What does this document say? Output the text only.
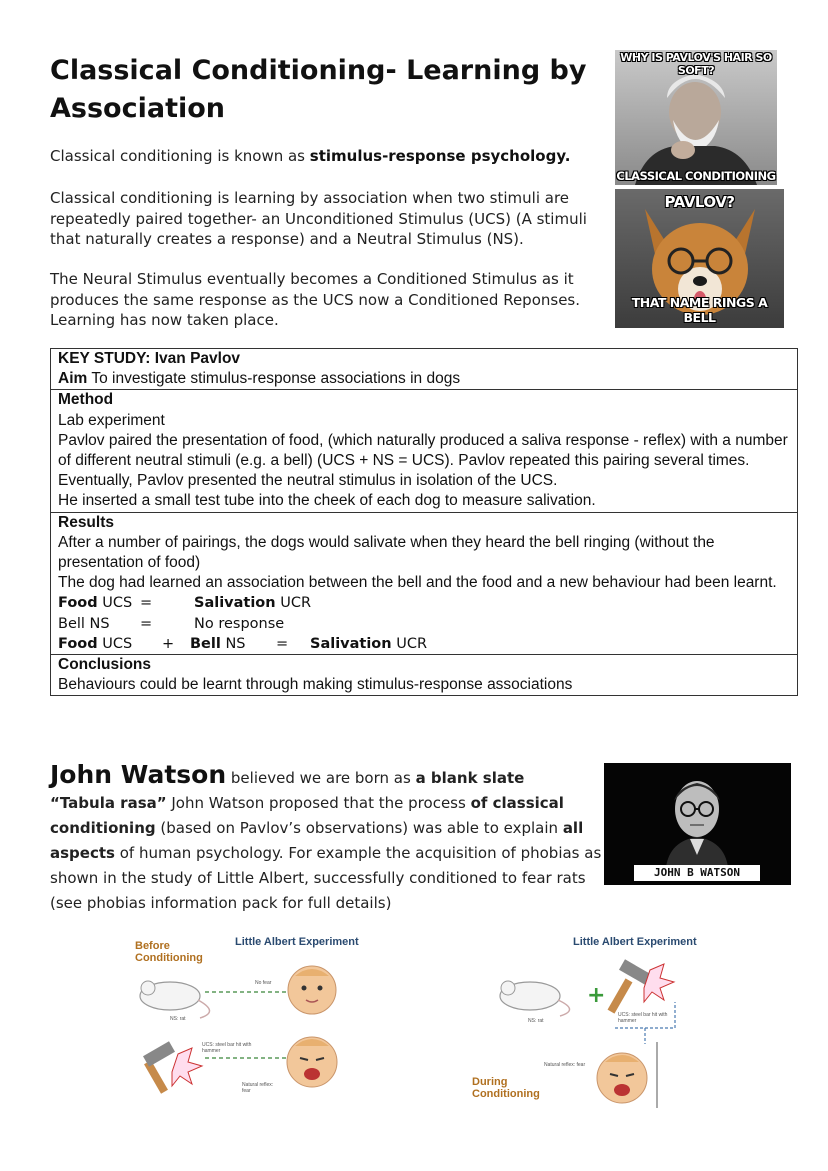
Classical Conditioning- Learning by Association
Classical conditioning is known as stimulus-response psychology.
Classical conditioning is learning by association when two stimuli are repeatedly paired together- an Unconditioned Stimulus (UCS) (A stimuli that naturally creates a response) and a Neutral Stimulus (NS).
The Neural Stimulus eventually becomes a Conditioned Stimulus as it produces the same response as the UCS now a Conditioned Reponses. Learning has now taken place.
WHY IS PAVLOV'S HAIR SO SOFT?
CLASSICAL CONDITIONING
PAVLOV?
THAT NAME RINGS A BELL
KEY STUDY: Ivan Pavlov
Aim To investigate stimulus-response associations in dogs

Method
Lab experiment
Pavlov paired the presentation of food, (which naturally produced a saliva response - reflex) with a number of different neutral stimuli (e.g. a bell) (UCS + NS = UCS). Pavlov repeated this pairing several times.
Eventually, Pavlov presented the neutral stimulus in isolation of the UCS.
He inserted a small test tube into the cheek of each dog to measure salivation.

Results
After a number of pairings, the dogs would salivate when they heard the bell ringing (without the presentation of food)
The dog had learned an association between the bell and the food and a new behaviour had been learnt.
Food UCS =	Salivation UCR
Bell NS	=	No response
Food UCS	+	Bell NS	=	Salivation UCR

Conclusions
Behaviours could be learnt through making stimulus-response associations
John Watson believed we are born as a blank slate
“Tabula rasa” John Watson proposed that the process of classical conditioning (based on Pavlov’s observations) was able to explain all aspects of human psychology. For example the acquisition of phobias as shown in the study of Little Albert, successfully conditioned to fear rats (see phobias information pack for full details)
JOHN B WATSON
Before Conditioning
Little Albert Experiment	Little Albert Experiment
During Conditioning
+
No fear
NS: rat
UCS: steel bar hit with hammer
Natural reflex: fear
NS: rat
UCS: steel bar hit with hammer
Natural reflex: fear
